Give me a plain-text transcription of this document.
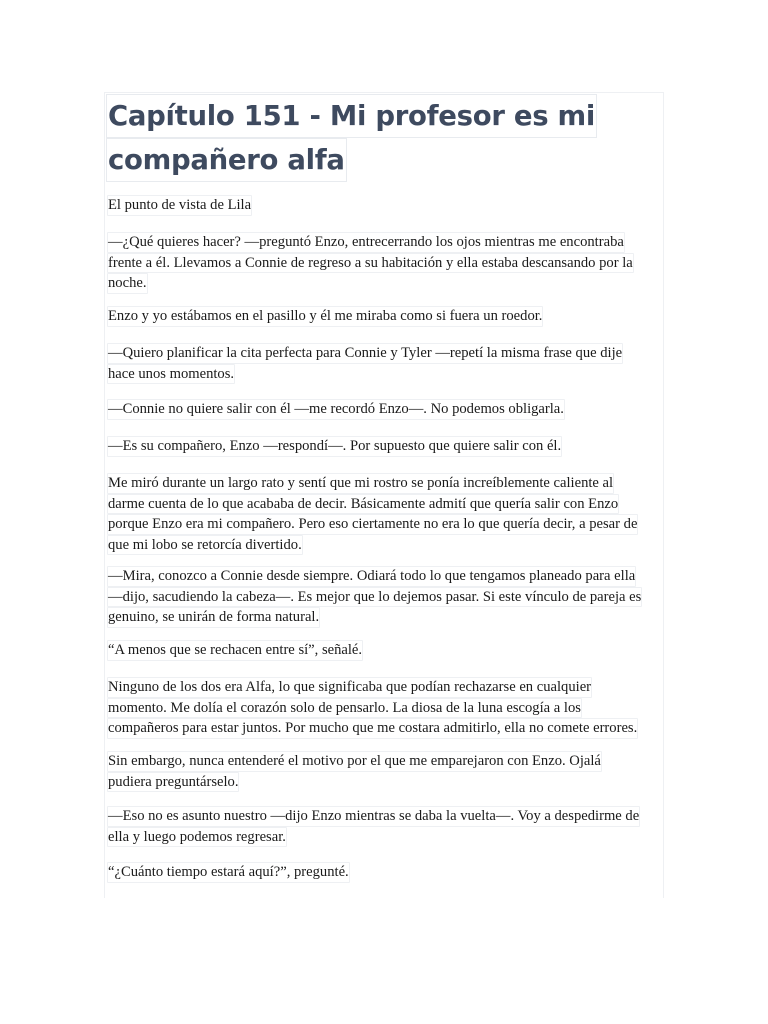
Capítulo 151 - Mi profesor es mi
compañero alfa

El punto de vista de Lila

—¿Qué quieres hacer? —preguntó Enzo, entrecerrando los ojos mientras me encontraba
frente a él. Llevamos a Connie de regreso a su habitación y ella estaba descansando por la
noche.

Enzo y yo estábamos en el pasillo y él me miraba como si fuera un roedor.

—Quiero planificar la cita perfecta para Connie y Tyler —repetí la misma frase que dije
hace unos momentos.

—Connie no quiere salir con él —me recordó Enzo—. No podemos obligarla.

—Es su compañero, Enzo —respondí—. Por supuesto que quiere salir con él.

Me miró durante un largo rato y sentí que mi rostro se ponía increíblemente caliente al
darme cuenta de lo que acababa de decir. Básicamente admití que quería salir con Enzo
porque Enzo era mi compañero. Pero eso ciertamente no era lo que quería decir, a pesar de
que mi lobo se retorcía divertido.

—Mira, conozco a Connie desde siempre. Odiará todo lo que tengamos planeado para ella
—dijo, sacudiendo la cabeza—. Es mejor que lo dejemos pasar. Si este vínculo de pareja es
genuino, se unirán de forma natural.

“A menos que se rechacen entre sí”, señalé.

Ninguno de los dos era Alfa, lo que significaba que podían rechazarse en cualquier
momento. Me dolía el corazón solo de pensarlo. La diosa de la luna escogía a los
compañeros para estar juntos. Por mucho que me costara admitirlo, ella no comete errores.

Sin embargo, nunca entenderé el motivo por el que me emparejaron con Enzo. Ojalá
pudiera preguntárselo.

—Eso no es asunto nuestro —dijo Enzo mientras se daba la vuelta—. Voy a despedirme de
ella y luego podemos regresar.

“¿Cuánto tiempo estará aquí?”, pregunté.
